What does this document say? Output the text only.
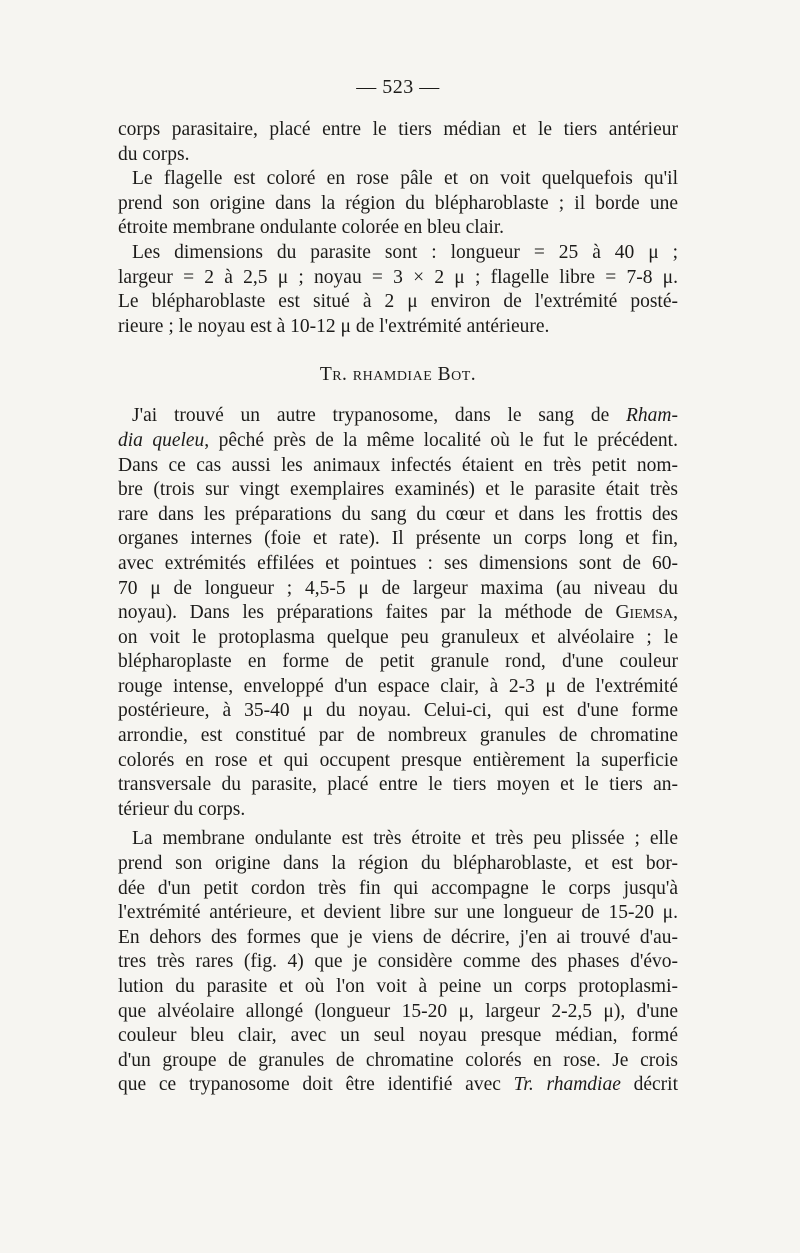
— 523 —
corps parasitaire, placé entre le tiers médian et le tiers antérieur
du corps.
Le flagelle est coloré en rose pâle et on voit quelquefois qu'il
prend son origine dans la région du blépharoblaste ; il borde une
étroite membrane ondulante colorée en bleu clair.
Les dimensions du parasite sont : longueur = 25 à 40 μ ;
largeur = 2 à 2,5 μ ; noyau = 3 × 2 μ ; flagelle libre = 7-8 μ.
Le blépharoblaste est situé à 2 μ environ de l'extrémité posté-
rieure ; le noyau est à 10-12 μ de l'extrémité antérieure.
Tr. rhamdiae Bot.
J'ai trouvé un autre trypanosome, dans le sang de Rham-
dia queleu, pêché près de la même localité où le fut le précédent.
Dans ce cas aussi les animaux infectés étaient en très petit nom-
bre (trois sur vingt exemplaires examinés) et le parasite était très
rare dans les préparations du sang du cœur et dans les frottis des
organes internes (foie et rate). Il présente un corps long et fin,
avec extrémités effilées et pointues : ses dimensions sont de 60-
70 μ de longueur ; 4,5-5 μ de largeur maxima (au niveau du
noyau). Dans les préparations faites par la méthode de Giemsa,
on voit le protoplasma quelque peu granuleux et alvéolaire ; le
blépharoplaste en forme de petit granule rond, d'une couleur
rouge intense, enveloppé d'un espace clair, à 2-3 μ de l'extrémité
postérieure, à 35-40 μ du noyau. Celui-ci, qui est d'une forme
arrondie, est constitué par de nombreux granules de chromatine
colorés en rose et qui occupent presque entièrement la superficie
transversale du parasite, placé entre le tiers moyen et le tiers an-
térieur du corps.
La membrane ondulante est très étroite et très peu plissée ; elle
prend son origine dans la région du blépharoblaste, et est bor-
dée d'un petit cordon très fin qui accompagne le corps jusqu'à
l'extrémité antérieure, et devient libre sur une longueur de 15-20 μ.
En dehors des formes que je viens de décrire, j'en ai trouvé d'au-
tres très rares (fig. 4) que je considère comme des phases d'évo-
lution du parasite et où l'on voit à peine un corps protoplasmi-
que alvéolaire allongé (longueur 15-20 μ, largeur 2-2,5 μ), d'une
couleur bleu clair, avec un seul noyau presque médian, formé
d'un groupe de granules de chromatine colorés en rose. Je crois
que ce trypanosome doit être identifié avec Tr. rhamdiae décrit
